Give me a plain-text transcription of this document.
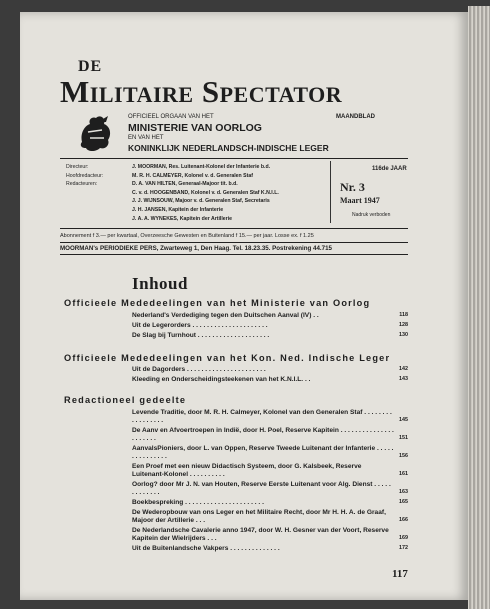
DE
Militaire Spectator
OFFICIEEL ORGAAN VAN HET	MAANDBLAD
MINISTERIE VAN OORLOG
EN VAN HET
KONINKLIJK NEDERLANDSCH-INDISCHE LEGER
Directeur:	J. MOORMAN, Res. Luitenant-Kolonel der Infanterie b.d.
Hoofdredacteur:	M. R. H. CALMEYER, Kolonel v. d. Generalen Staf
Redacteuren:	D. A. VAN HILTEN, Generaal-Majoor tit. b.d.
C. v. d. HOOGENBAND, Kolonel v. d. Generalen Staf K.N.I.L.
J. J. WIJNSOUW, Majoor v. d. Generalen Staf, Secretaris
J. H. JANSEN, Kapitein der Infanterie
J. A. A. WYNEKES, Kapitein der Artillerie
116de JAAR
Nr. 3
Maart 1947
Nadruk verboden
Abonnement f 3.— per kwartaal, Overzeesche Gewesten en Buitenland f 15.— per jaar. Losse ex. f 1.25
MOORMAN's PERIODIEKE PERS, Zwarteweg 1, Den Haag. Tel. 18.23.35. Postrekening 44.715
Inhoud
Officieele Mededeelingen van het Ministerie van Oorlog
Nederland's Verdediging tegen den Duitschen Aanval (IV) . .	118
Uit de Legerorders . . . . . . . . . . . . . . . . . . . . .	128
De Slag bij Turnhout . . . . . . . . . . . . . . . . . . . .	130
Officieele Mededeelingen van het Kon. Ned. Indische Leger
Uit de Dagorders . . . . . . . . . . . . . . . . . . . . . .	142
Kleeding en Onderscheidingsteekenen van het K.N.I.L. . .	143
Redactioneel gedeelte
Levende Traditie, door M. R. H. Calmeyer, Kolonel van den Generalen Staf . . . . . . . . . . . . . . . . .	145
De Aanv en Afvoertroepen in Indië, door H. Poel, Reserve Kapitein . . . . . . . . . . . . . . . . . . . . . .	151
AanvalsPioniers, door L. van Oppen, Reserve Tweede Luitenant der Infanterie . . . . . . . . . . . . . . .	156
Een Proef met een nieuw Didactisch Systeem, door G. Kalsbeek, Reserve Luitenant-Kolonel . . . . . . . . . .	161
Oorlog? door Mr J. N. van Houten, Reserve Eerste Luitenant voor Alg. Dienst . . . . . . . . . . . . .	163
Boekbespreking . . . . . . . . . . . . . . . . . . . . . .	165
De Wederopbouw van ons Leger en het Militaire Recht, door Mr H. H. A. de Graaf, Majoor der Artillerie . . .	166
De Nederlandsche Cavalerie anno 1947, door W. H. Gesner van der Voort, Reserve Kapitein der Wielrijders . . .	169
Uit de Buitenlandsche Vakpers . . . . . . . . . . . . . .	172
117
